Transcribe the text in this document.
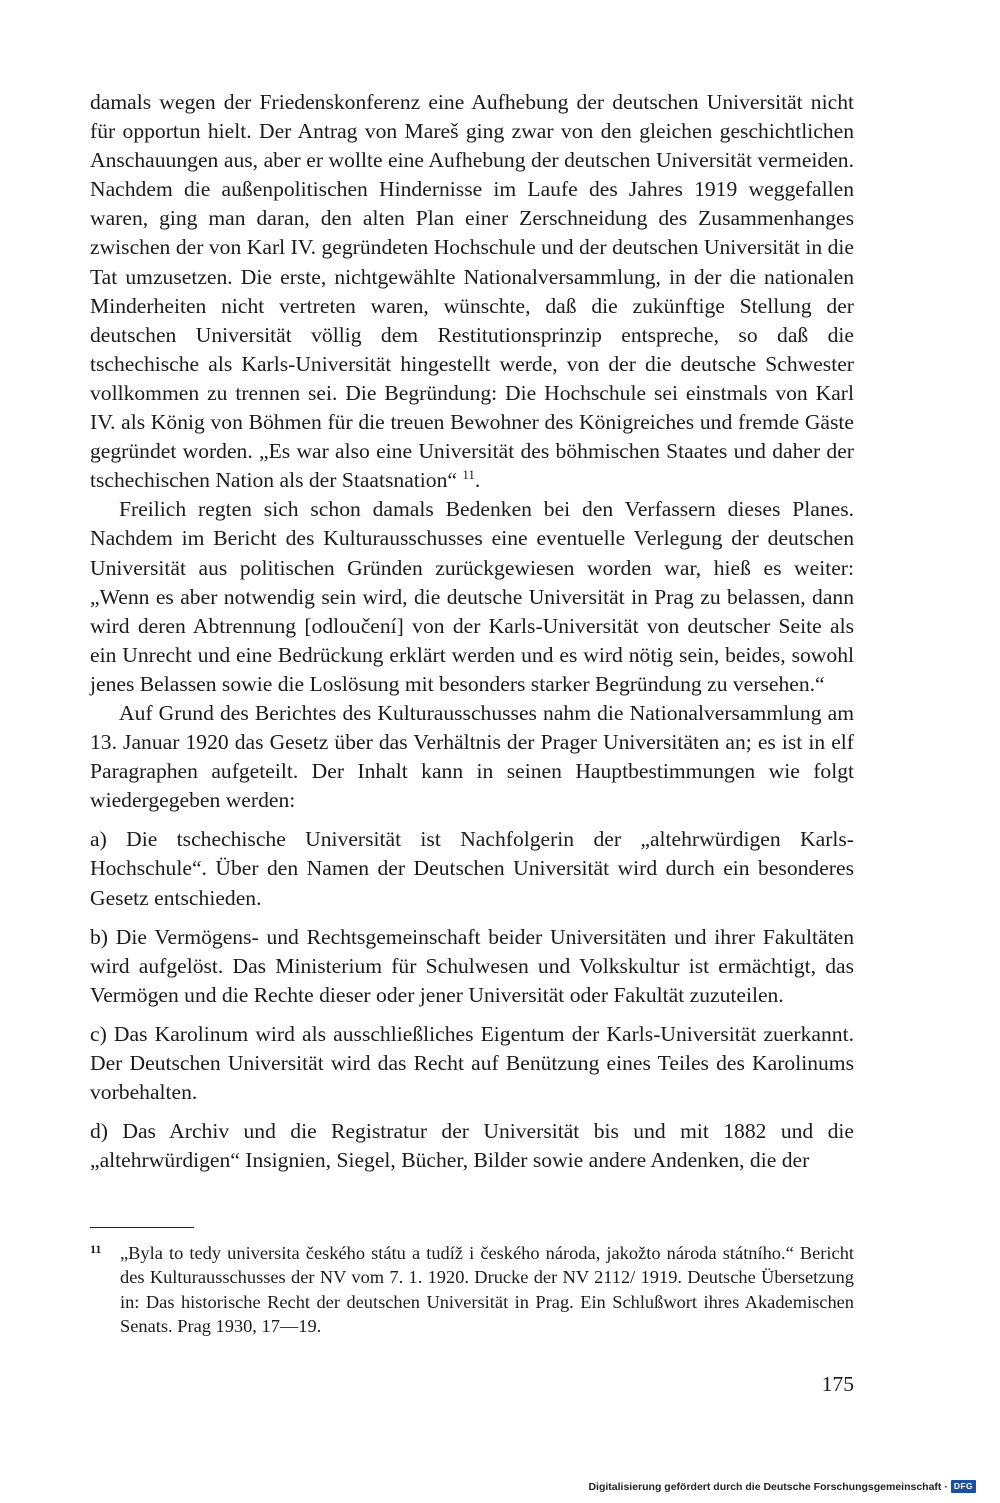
damals wegen der Friedenskonferenz eine Aufhebung der deutschen Universität nicht für opportun hielt. Der Antrag von Mareš ging zwar von den gleichen geschichtlichen Anschauungen aus, aber er wollte eine Aufhebung der deutschen Universität vermeiden. Nachdem die außenpolitischen Hindernisse im Laufe des Jahres 1919 weggefallen waren, ging man daran, den alten Plan einer Zerschneidung des Zusammenhanges zwischen der von Karl IV. gegründeten Hochschule und der deutschen Universität in die Tat umzusetzen. Die erste, nichtgewählte Nationalversammlung, in der die nationalen Minderheiten nicht vertreten waren, wünschte, daß die zukünftige Stellung der deutschen Universität völlig dem Restitutionsprinzip entspreche, so daß die tschechische als Karls-Universität hingestellt werde, von der die deutsche Schwester vollkommen zu trennen sei. Die Begründung: Die Hochschule sei einstmals von Karl IV. als König von Böhmen für die treuen Bewohner des Königreiches und fremde Gäste gegründet worden. „Es war also eine Universität des böhmischen Staates und daher der tschechischen Nation als der Staatsnation“ $^{11}$.

Freilich regten sich schon damals Bedenken bei den Verfassern dieses Planes. Nachdem im Bericht des Kulturausschusses eine eventuelle Verlegung der deutschen Universität aus politischen Gründen zurückgewiesen worden war, hieß es weiter: „Wenn es aber notwendig sein wird, die deutsche Universität in Prag zu belassen, dann wird deren Abtrennung [odloučení] von der Karls-Universität von deutscher Seite als ein Unrecht und eine Bedrückung erklärt werden und es wird nötig sein, beides, sowohl jenes Belassen sowie die Loslösung mit besonders starker Begründung zu versehen.“

Auf Grund des Berichtes des Kulturausschusses nahm die Nationalversammlung am 13. Januar 1920 das Gesetz über das Verhältnis der Prager Universitäten an; es ist in elf Paragraphen aufgeteilt. Der Inhalt kann in seinen Hauptbestimmungen wie folgt wiedergegeben werden:

a) Die tschechische Universität ist Nachfolgerin der „altehrwürdigen Karls-Hochschule“. Über den Namen der Deutschen Universität wird durch ein besonderes Gesetz entschieden.

b) Die Vermögens- und Rechtsgemeinschaft beider Universitäten und ihrer Fakultäten wird aufgelöst. Das Ministerium für Schulwesen und Volkskultur ist ermächtigt, das Vermögen und die Rechte dieser oder jener Universität oder Fakultät zuzuteilen.

c) Das Karolinum wird als ausschließliches Eigentum der Karls-Universität zuerkannt. Der Deutschen Universität wird das Recht auf Benützung eines Teiles des Karolinums vorbehalten.

d) Das Archiv und die Registratur der Universität bis und mit 1882 und die „altehrwürdigen“ Insignien, Siegel, Bücher, Bilder sowie andere Andenken, die der

11 „Byla to tedy universita českého státu a tudíž i českého národa, jakožto národa státního.“ Bericht des Kulturausschusses der NV vom 7. 1. 1920. Drucke der NV 2112/ 1919. Deutsche Übersetzung in: Das historische Recht der deutschen Universität in Prag. Ein Schlußwort ihres Akademischen Senats. Prag 1930, 17—19.
175
Digitalisierung gefördert durch die Deutsche Forschungsgemeinschaft · DFG
